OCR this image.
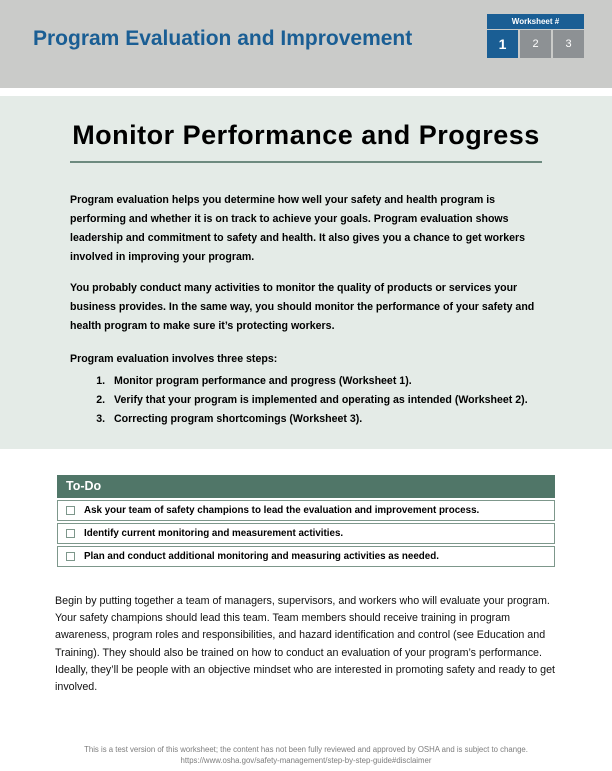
Program Evaluation and Improvement
Worksheet #
1	2	3
Monitor Performance and Progress

Program evaluation helps you determine how well your safety and health program is performing and whether it is on track to achieve your goals. Program evaluation shows leadership and commitment to safety and health. It also gives you a chance to get workers involved in improving your program.

You probably conduct many activities to monitor the quality of products or services your business provides. In the same way, you should monitor the performance of your safety and health program to make sure it’s protecting workers.

Program evaluation involves three steps:

1. Monitor program performance and progress (Worksheet 1).
2. Verify that your program is implemented and operating as intended (Worksheet 2).
3. Correcting program shortcomings (Worksheet 3).
To-Do
Ask your team of safety champions to lead the evaluation and improvement process.
Identify current monitoring and measurement activities.
Plan and conduct additional monitoring and measuring activities as needed.

Begin by putting together a team of managers, supervisors, and workers who will evaluate your program. Your safety champions should lead this team. Team members should receive training in program awareness, program roles and responsibilities, and hazard identification and control (see Education and Training). They should also be trained on how to conduct an evaluation of your program’s performance. Ideally, they’ll be people with an objective mindset who are interested in promoting safety and ready to get involved.

This is a test version of this worksheet; the content has not been fully reviewed and approved by OSHA and is subject to change.
https://www.osha.gov/safety-management/step-by-step-guide#disclaimer
